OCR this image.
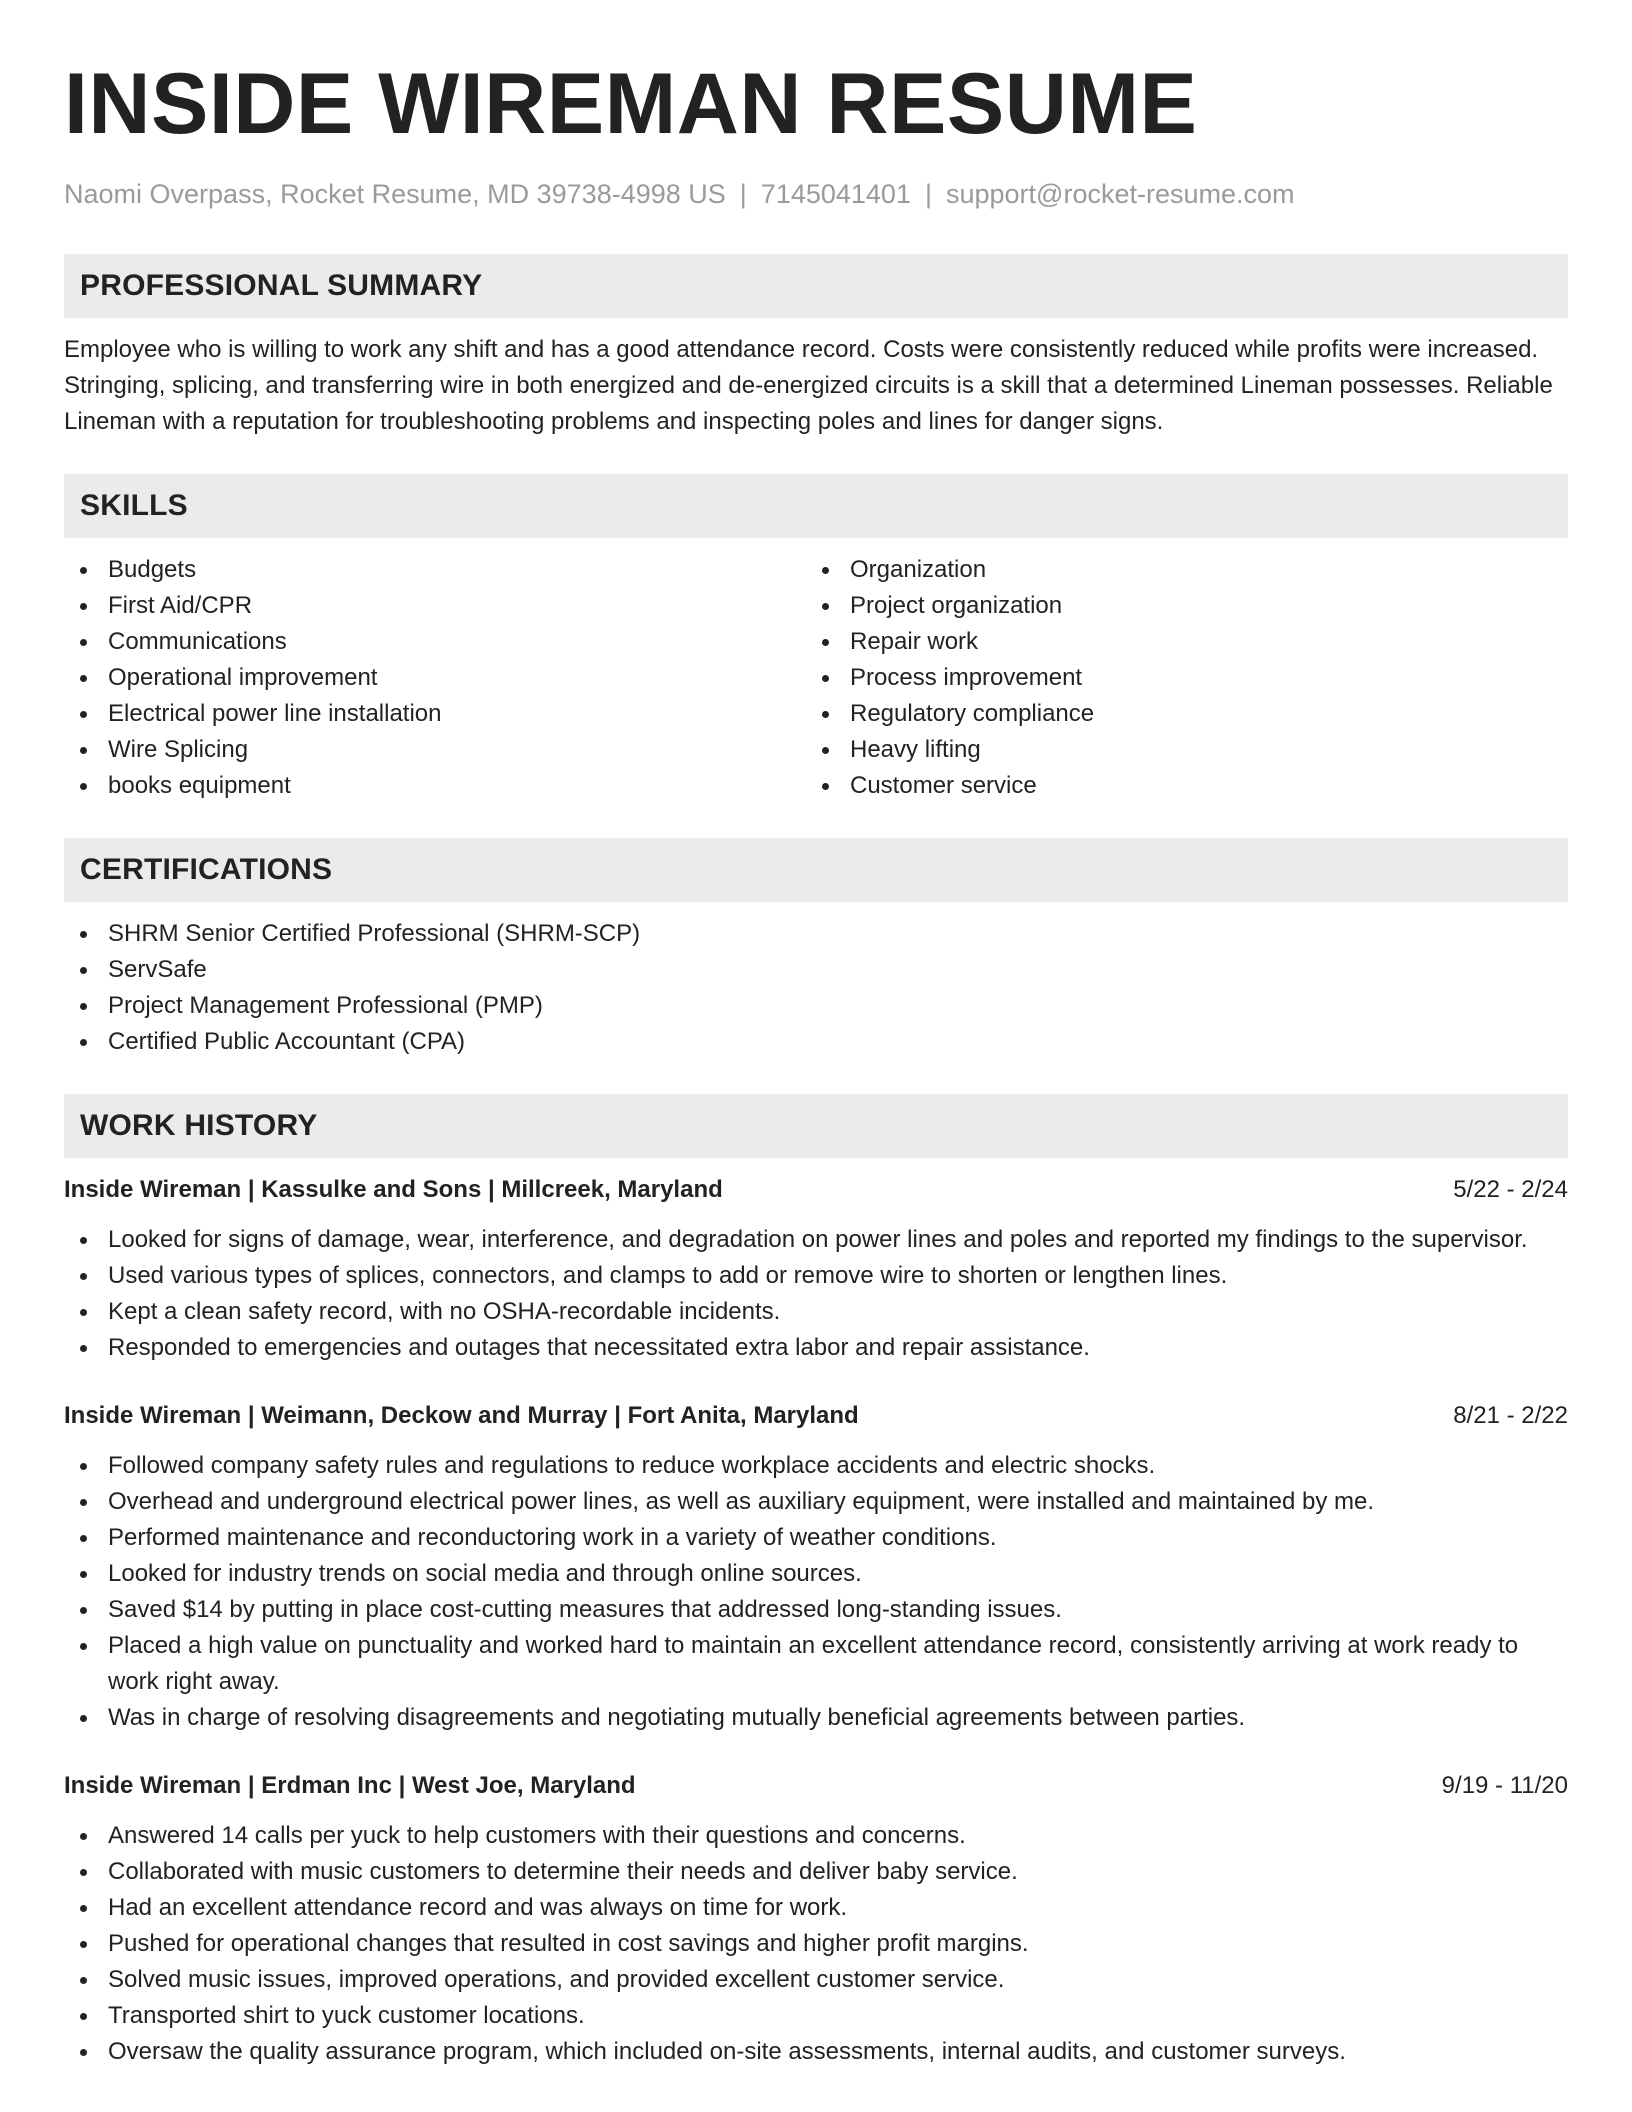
INSIDE WIREMAN RESUME
Naomi Overpass, Rocket Resume, MD 39738-4998 US | 7145041401 | support@rocket-resume.com
PROFESSIONAL SUMMARY

Employee who is willing to work any shift and has a good attendance record. Costs were consistently reduced while profits were increased. Stringing, splicing, and transferring wire in both energized and de-energized circuits is a skill that a determined Lineman possesses. Reliable Lineman with a reputation for troubleshooting problems and inspecting poles and lines for danger signs.

SKILLS
Budgets
First Aid/CPR
Communications
Operational improvement
Electrical power line installation
Wire Splicing
books equipment
Organization
Project organization
Repair work
Process improvement
Regulatory compliance
Heavy lifting
Customer service
CERTIFICATIONS
SHRM Senior Certified Professional (SHRM-SCP)
ServSafe
Project Management Professional (PMP)
Certified Public Accountant (CPA)
WORK HISTORY
Inside Wireman | Kassulke and Sons | Millcreek, Maryland	5/22 - 2/24
Looked for signs of damage, wear, interference, and degradation on power lines and poles and reported my findings to the supervisor.
Used various types of splices, connectors, and clamps to add or remove wire to shorten or lengthen lines.
Kept a clean safety record, with no OSHA-recordable incidents.
Responded to emergencies and outages that necessitated extra labor and repair assistance.
Inside Wireman | Weimann, Deckow and Murray | Fort Anita, Maryland	8/21 - 2/22
Followed company safety rules and regulations to reduce workplace accidents and electric shocks.
Overhead and underground electrical power lines, as well as auxiliary equipment, were installed and maintained by me.
Performed maintenance and reconductoring work in a variety of weather conditions.
Looked for industry trends on social media and through online sources.
Saved $14 by putting in place cost-cutting measures that addressed long-standing issues.
Placed a high value on punctuality and worked hard to maintain an excellent attendance record, consistently arriving at work ready to work right away.
Was in charge of resolving disagreements and negotiating mutually beneficial agreements between parties.
Inside Wireman | Erdman Inc | West Joe, Maryland	9/19 - 11/20
Answered 14 calls per yuck to help customers with their questions and concerns.
Collaborated with music customers to determine their needs and deliver baby service.
Had an excellent attendance record and was always on time for work.
Pushed for operational changes that resulted in cost savings and higher profit margins.
Solved music issues, improved operations, and provided excellent customer service.
Transported shirt to yuck customer locations.
Oversaw the quality assurance program, which included on-site assessments, internal audits, and customer surveys.
